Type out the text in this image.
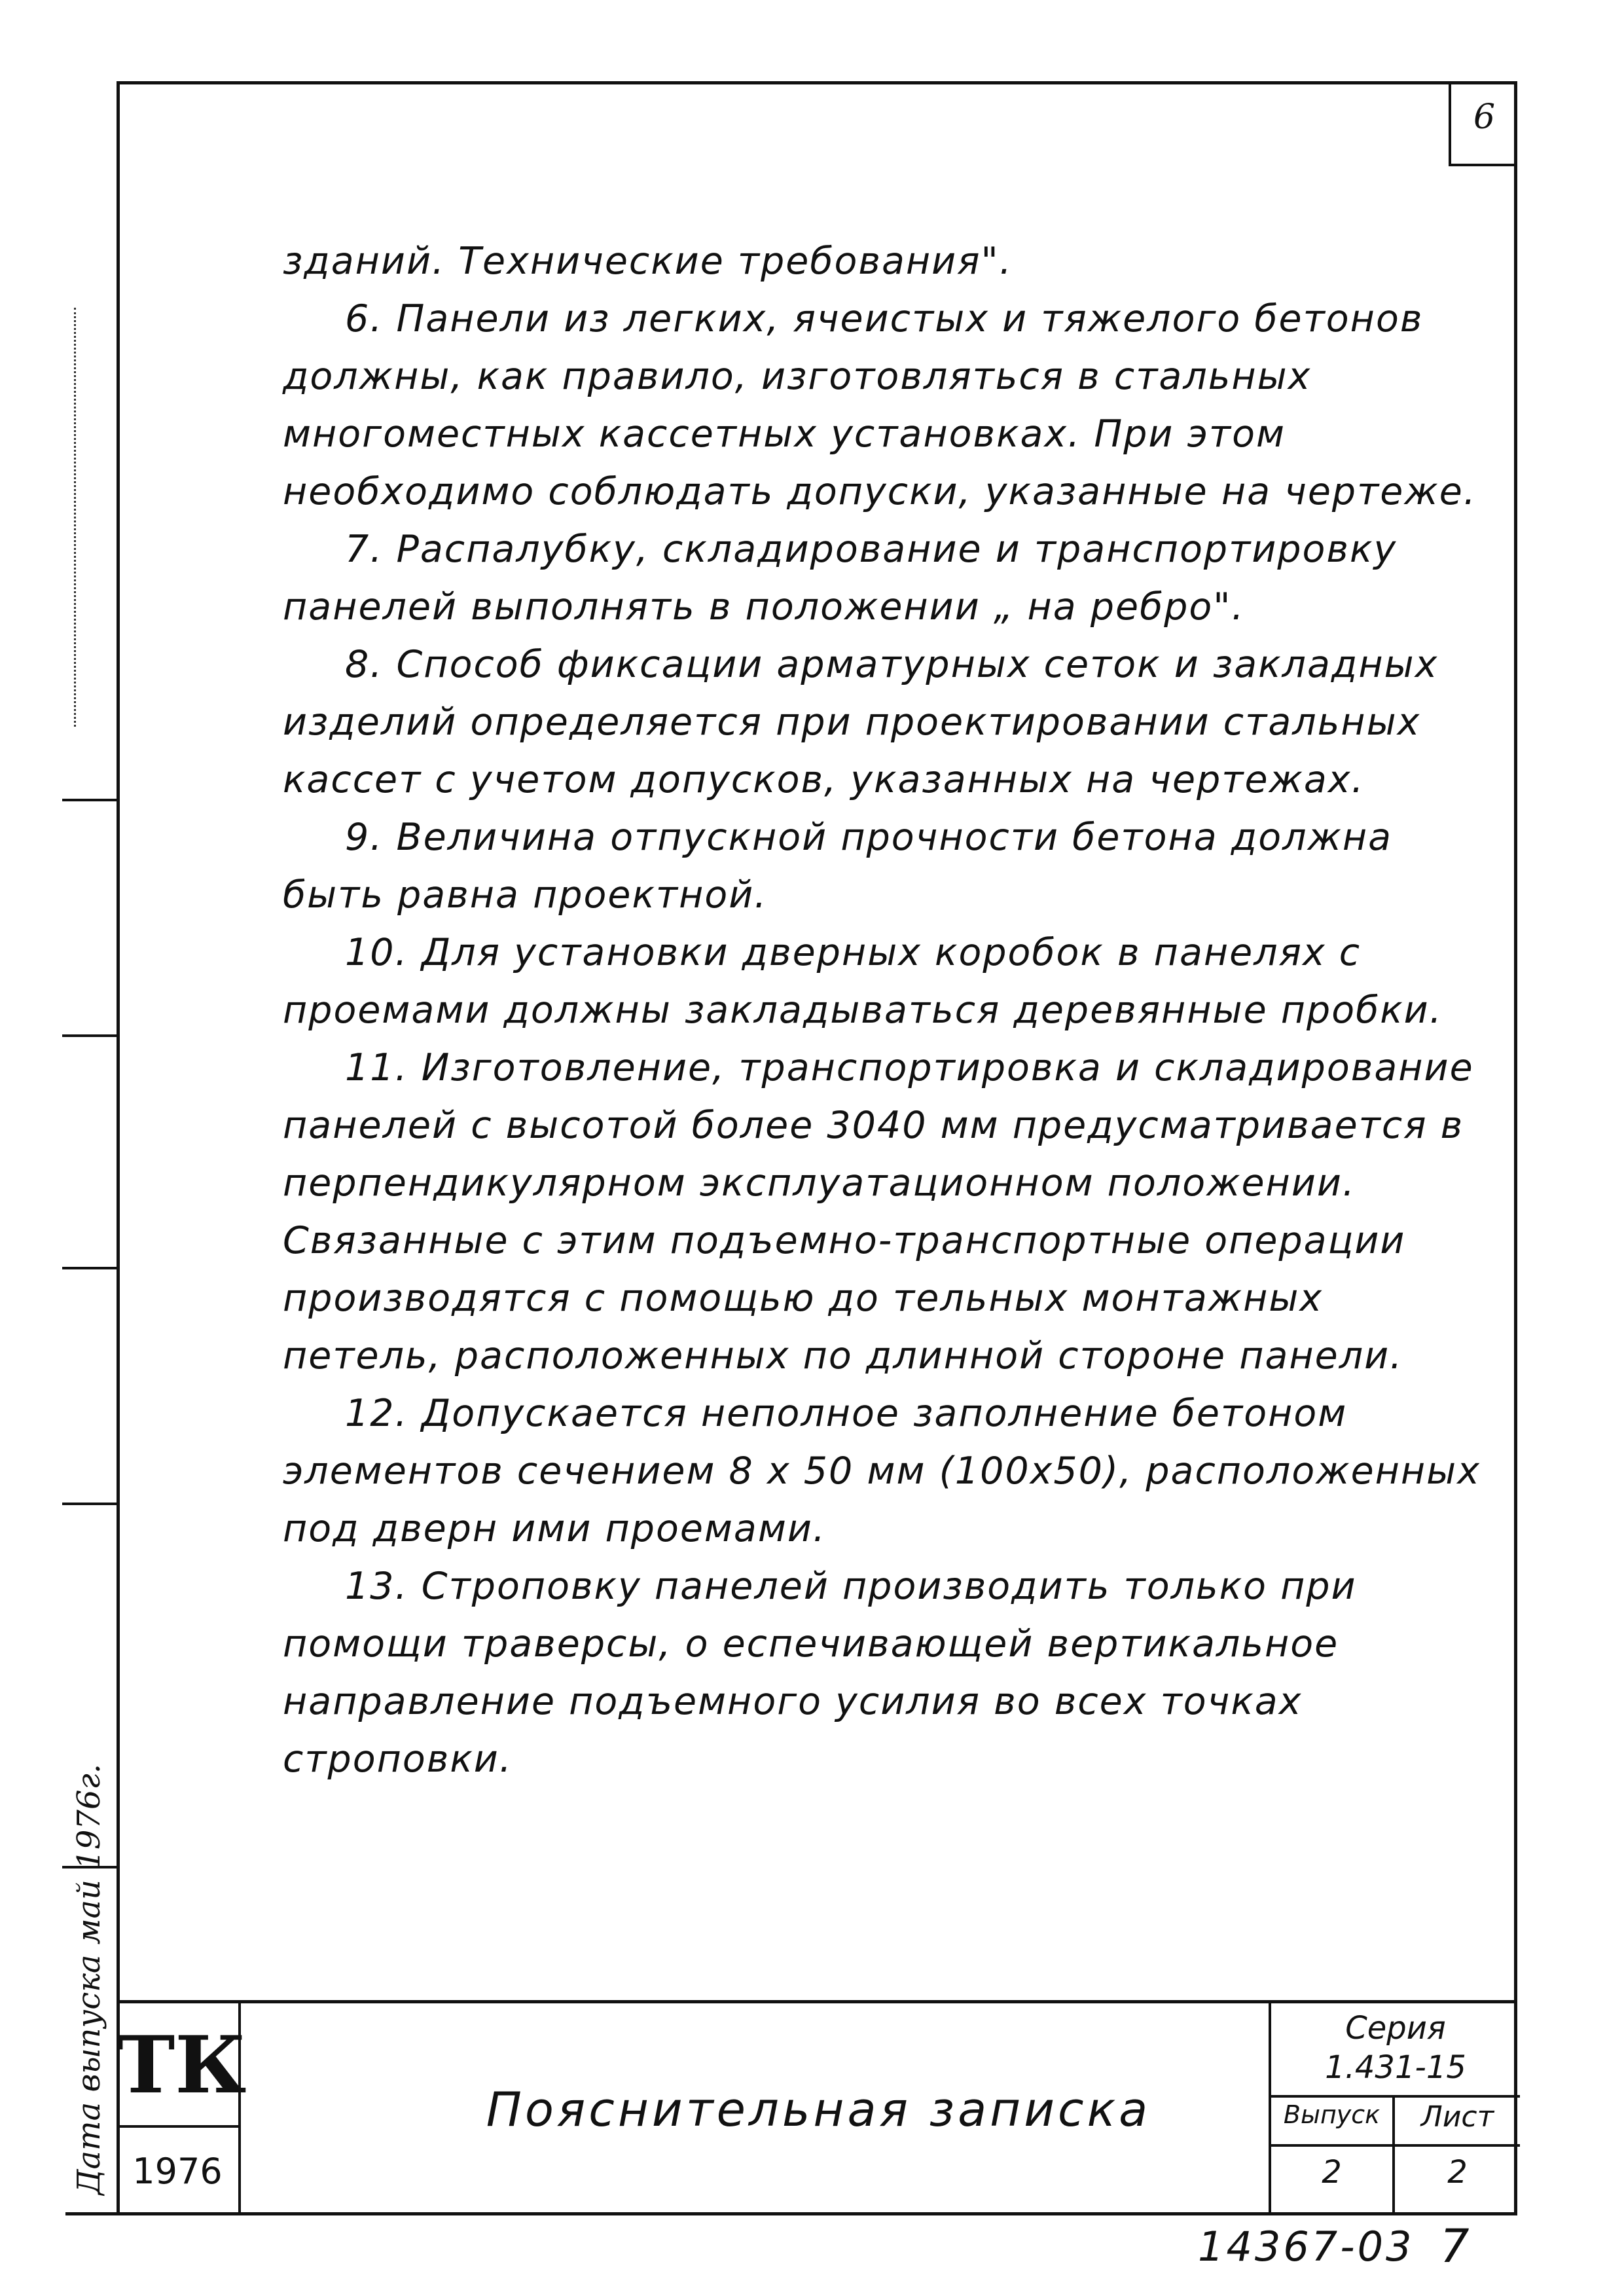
6
Дата выпуска май 1976г.

зданий. Технические требования".

6. Панели из легких, ячеистых и тяжелого бетонов должны, как правило, изготовляться в стальных многоместных кассетных установках. При этом необходимо соблюдать допуски, указанные на чертеже.

7. Распалубку, складирование и транспортировку панелей выполнять в положении „ на ребро".

8. Способ фиксации арматурных сеток и закладных изделий определяется при проектировании стальных кассет с учетом допусков, указанных на чертежах.

9. Величина отпускной прочности бетона должна быть равна проектной.

10. Для установки дверных коробок в панелях с проемами должны закладываться деревянные пробки.

11. Изготовление, транспортировка и складирование панелей с высотой более 3040 мм предусматривается в перпендикулярном эксплуатационном положении. Связанные с этим подъемно-транспортные операции производятся с помощью до тельных монтажных петель, расположенных по длинной стороне панели.

12. Допускается неполное заполнение бетоном элементов сечением 8 х 50 мм (100х50), расположенных под дверн ими проемами.

13. Строповку панелей производить только при помощи траверсы, о еспечивающей вертикальное направление подъемного усилия во всех точках строповки.

ТК
1976
Пояснительная записка
Серия
1.431-15
Выпуск	Лист
2	2
14367-03 7
